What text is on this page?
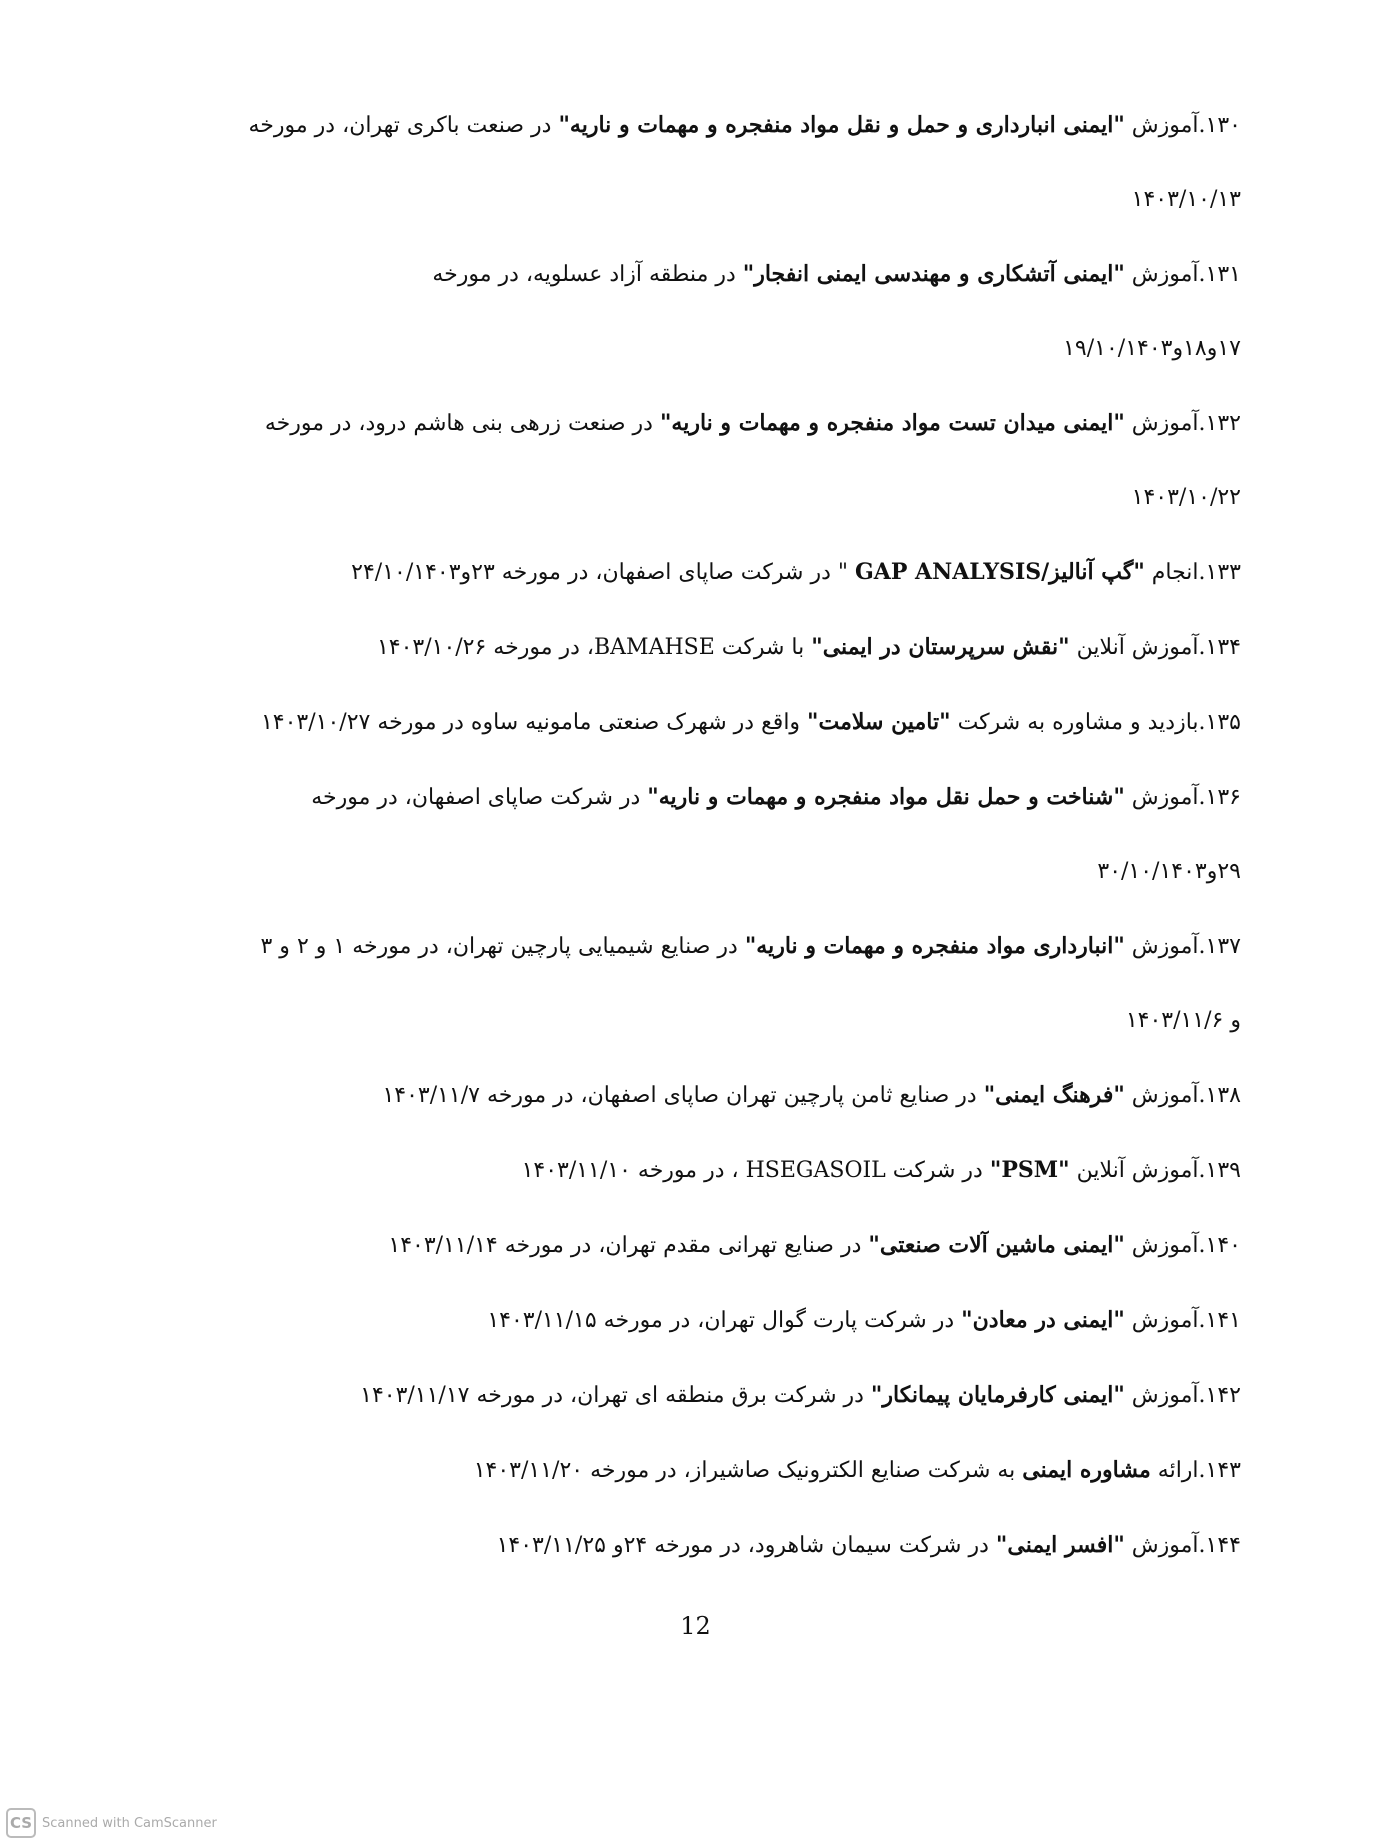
۱۳۰.آموزش "ایمنی انبارداری و حمل و نقل مواد منفجره و مهمات و ناریه" در صنعت باکری تهران، در مورخه
۱۴۰۳/۱۰/۱۳
۱۳۱.آموزش "ایمنی آتشکاری و مهندسی ایمنی انفجار" در منطقه آزاد عسلویه، در مورخه
۱۷و۱۸و۱۹/۱۰/۱۴۰۳
۱۳۲.آموزش "ایمنی میدان تست مواد منفجره و مهمات و ناریه" در صنعت زرهی بنی هاشم درود، در مورخه
۱۴۰۳/۱۰/۲۲
۱۳۳.انجام "گپ آنالیز/GAP ANALYSIS " در شرکت صاپای اصفهان، در مورخه ۲۳و۲۴/۱۰/۱۴۰۳
۱۳۴.آموزش آنلاین "نقش سرپرستان در ایمنی" با شرکت BAMAHSE، در مورخه ۱۴۰۳/۱۰/۲۶
۱۳۵.بازدید و مشاوره به شرکت "تامین سلامت" واقع در شهرک صنعتی مامونیه ساوه در مورخه ۱۴۰۳/۱۰/۲۷
۱۳۶.آموزش "شناخت و حمل نقل مواد منفجره و مهمات و ناریه" در شرکت صاپای اصفهان، در مورخه
۲۹و۳۰/۱۰/۱۴۰۳
۱۳۷.آموزش "انبارداری مواد منفجره و مهمات و ناریه" در صنایع شیمیایی پارچین تهران، در مورخه ۱ و ۲ و ۳
و ۱۴۰۳/۱۱/۶
۱۳۸.آموزش "فرهنگ ایمنی" در صنایع ثامن پارچین تهران صاپای اصفهان، در مورخه ۱۴۰۳/۱۱/۷
۱۳۹.آموزش آنلاین "PSM" در شرکت HSEGASOIL ، در مورخه ۱۴۰۳/۱۱/۱۰
۱۴۰.آموزش "ایمنی ماشین آلات صنعتی" در صنایع تهرانی مقدم تهران، در مورخه ۱۴۰۳/۱۱/۱۴
۱۴۱.آموزش "ایمنی در معادن" در شرکت پارت گوال تهران، در مورخه ۱۴۰۳/۱۱/۱۵
۱۴۲.آموزش "ایمنی کارفرمایان پیمانکار" در شرکت برق منطقه ای تهران، در مورخه ۱۴۰۳/۱۱/۱۷
۱۴۳.ارائه مشاوره ایمنی به شرکت صنایع الکترونیک صاشیراز، در مورخه ۱۴۰۳/۱۱/۲۰
۱۴۴.آموزش "افسر ایمنی" در شرکت سیمان شاهرود، در مورخه ۲۴و ۱۴۰۳/۱۱/۲۵
12
CS Scanned with CamScanner
